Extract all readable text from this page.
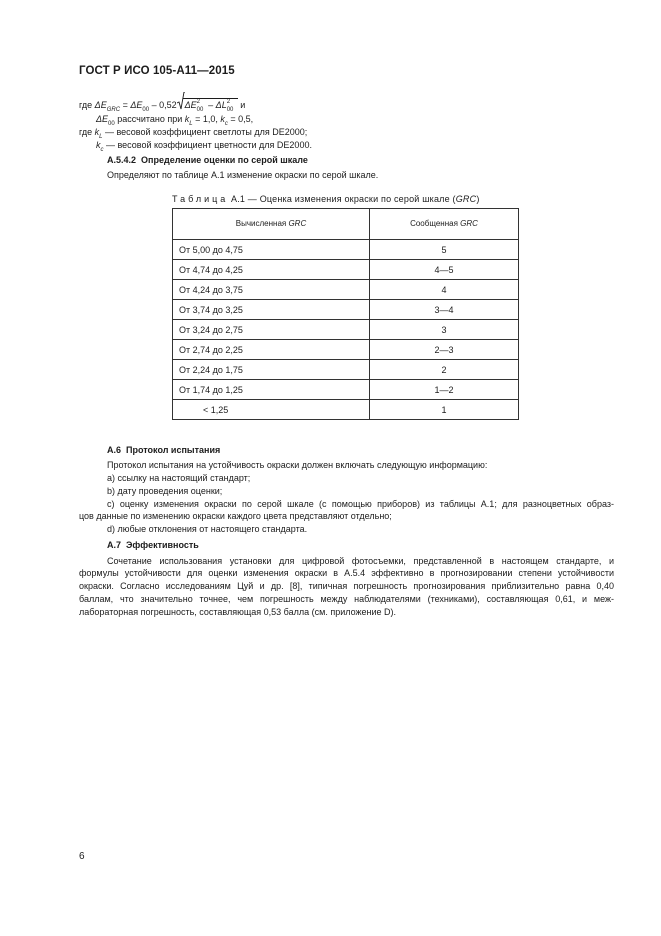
ГОСТ Р ИСО 105-A11—2015
где $\Delta E_{GRC} = \Delta E_{00} - 0,52$ ΔE 2
00 – ΔL 2
00 и
$\Delta E_{00}$ рассчитано при $k_L = 1,0$, $k_c = 0,5$,
где $k_L$ — весовой коэффициент светлоты для DE2000;
$k_c$ — весовой коэффициент цветности для DE2000.
А.5.4.2 Определение оценки по серой шкале
Определяют по таблице А.1 изменение окраски по серой шкале.
Таблица А.1 — Оценка изменения окраски по серой шкале (GRC)
Вычисленная GRC	Сообщенная GRC
От 5,00 до 4,75	5
От 4,74 до 4,25	4—5
От 4,24 до 3,75	4
От 3,74 до 3,25	3—4
От 3,24 до 2,75	3
От 2,74 до 2,25	2—3
От 2,24 до 1,75	2
От 1,74 до 1,25	1—2
< 1,25	1
А.6 Протокол испытания
Протокол испытания на устойчивость окраски должен включать следующую информацию:
a) ссылку на настоящий стандарт;
b) дату проведения оценки;
c) оценку изменения окраски по серой шкале (с помощью приборов) из таблицы А.1; для разноцветных образ-
цов данные по изменению окраски каждого цвета представляют отдельно;
d) любые отклонения от настоящего стандарта.
А.7 Эффективность
Сочетание использования установки для цифровой фотосъемки, представленной в настоящем стандарте, и
формулы устойчивости для оценки изменения окраски в А.5.4 эффективно в прогнозировании степени устойчивости
окраски. Согласно исследованиям Цуй и др. [8], типичная погрешность прогнозирования приблизительно равна 0,40
баллам, что значительно точнее, чем погрешность между наблюдателями (техниками), составляющая 0,61, и меж-
лабораторная погрешность, составляющая 0,53 балла (см. приложение D).
6
